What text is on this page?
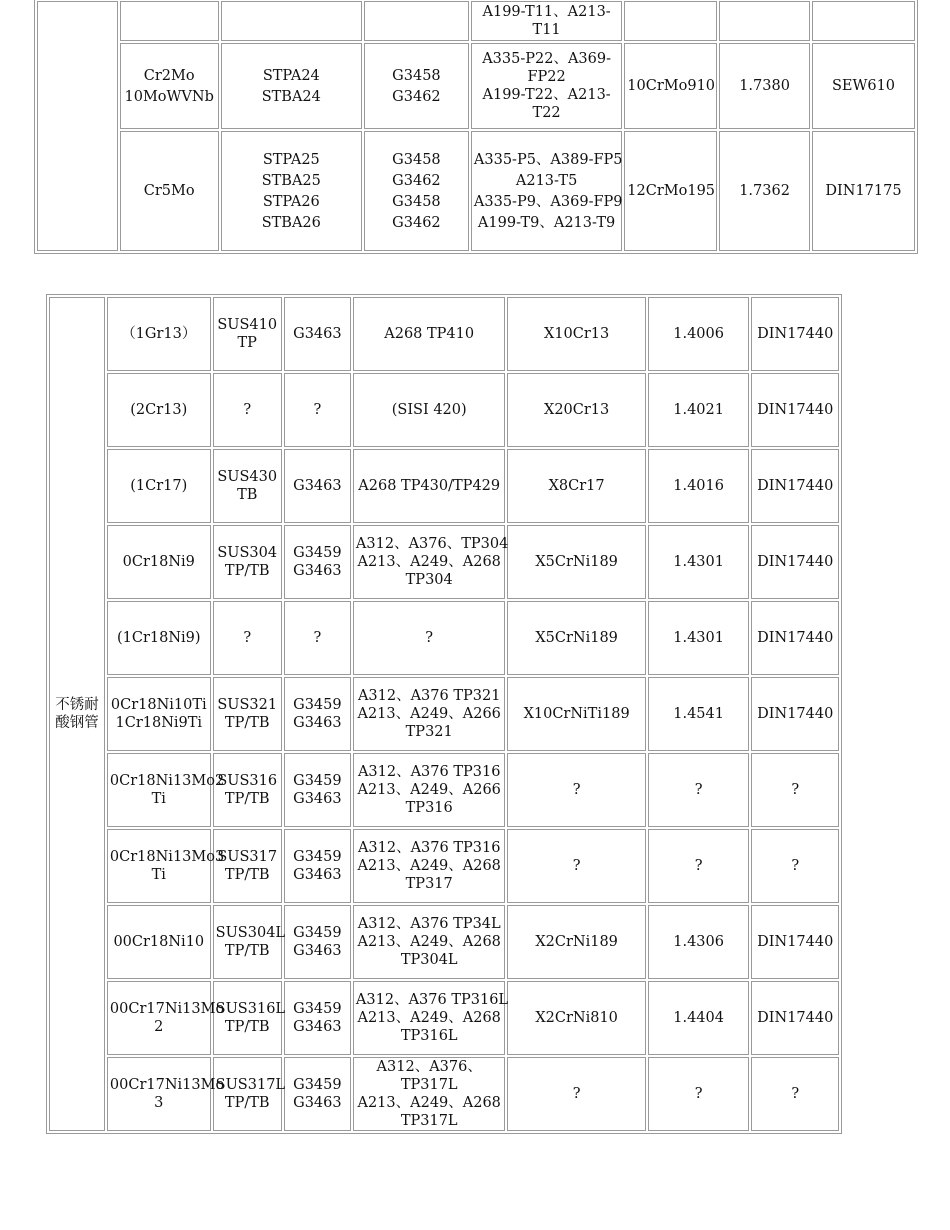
				A199-T11、A213-
T11			

	Cr2Mo
10MoWVNb	STPA24
STBA24	G3458
G3462	A335-P22、A369-
FP22
A199-T22、A213-
T22	10CrMo910	1.7380	SEW610

	Cr5Mo	STPA25
STBA25
STPA26
STBA26	G3458
G3462
G3458
G3462	A335-P5、A389-FP5
A213-T5
A335-P9、A369-FP9
A199-T9、A213-T9	12CrMo195	1.7362	DIN17175
不锈耐
酸钢管	（1Gr13）	SUS410
TP	G3463	A268 TP410	X10Cr13	1.4006	DIN17440

	(2Cr13)	?	?	(SISI 420)	X20Cr13	1.4021	DIN17440

	(1Cr17)	SUS430
TB	G3463	A268 TP430/TP429	X8Cr17	1.4016	DIN17440

	0Cr18Ni9	SUS304
TP/TB	G3459
G3463	A312、A376、TP304
A213、A249、A268
TP304	X5CrNi189	1.4301	DIN17440

	(1Cr18Ni9)	?	?	?	X5CrNi189	1.4301	DIN17440

	0Cr18Ni10Ti
1Cr18Ni9Ti	SUS321
TP/TB	G3459
G3463	A312、A376 TP321
A213、A249、A266
TP321	X10CrNiTi189	1.4541	DIN17440

	0Cr18Ni13Mo2
Ti	SUS316
TP/TB	G3459
G3463	A312、A376 TP316
A213、A249、A266
TP316	?	?	?

	0Cr18Ni13Mo3
Ti	SUS317
TP/TB	G3459
G3463	A312、A376 TP316
A213、A249、A268
TP317	?	?	?

	00Cr18Ni10	SUS304L
TP/TB	G3459
G3463	A312、A376 TP34L
A213、A249、A268
TP304L	X2CrNi189	1.4306	DIN17440

	00Cr17Ni13Mo
2	SUS316L
TP/TB	G3459
G3463	A312、A376 TP316L
A213、A249、A268
TP316L	X2CrNi810	1.4404	DIN17440

	00Cr17Ni13Mo
3	SUS317L
TP/TB	G3459
G3463	A312、A376、
TP317L
A213、A249、A268
TP317L	?	?	?
